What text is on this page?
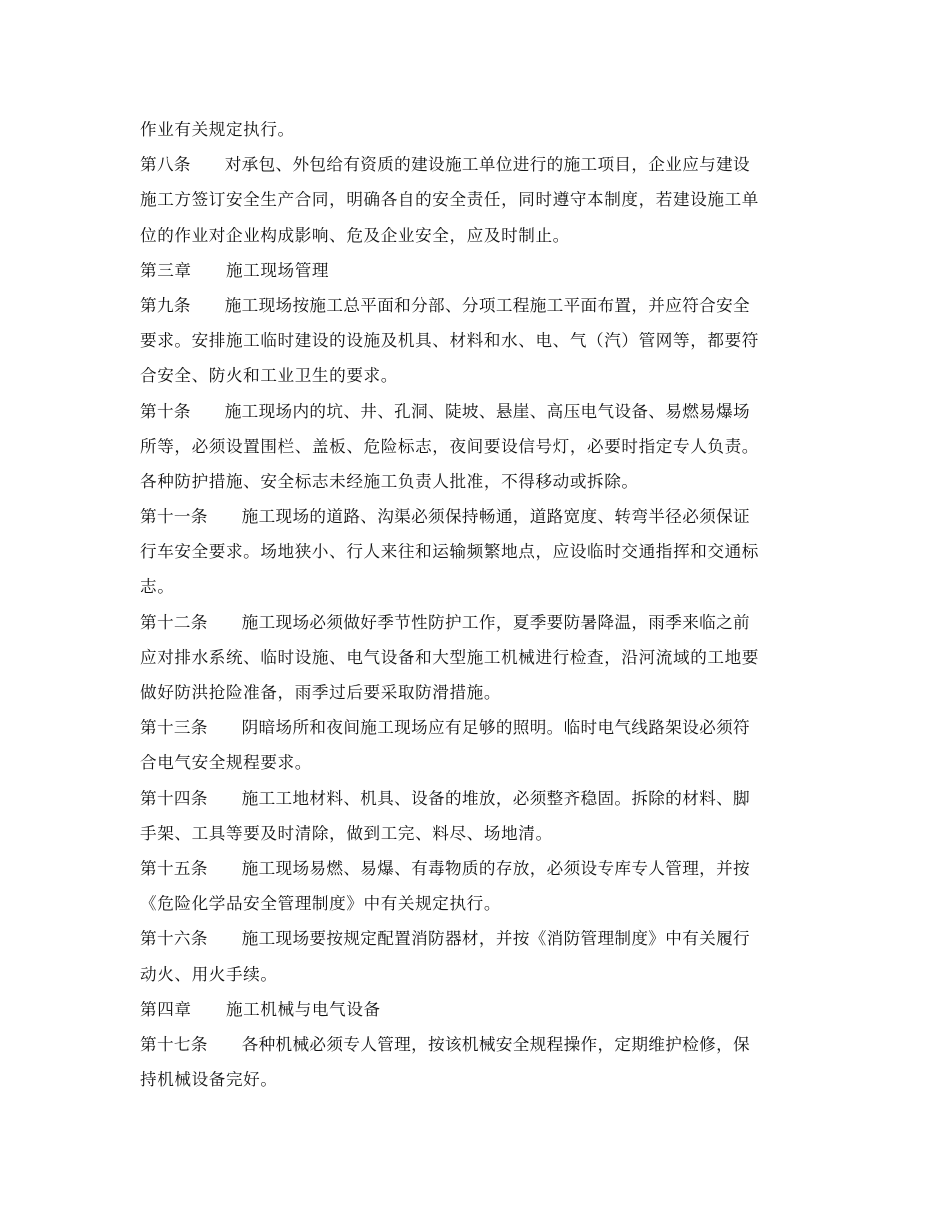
作业有关规定执行。
第八条　　对承包、外包给有资质的建设施工单位进行的施工项目，企业应与建设
施工方签订安全生产合同，明确各自的安全责任，同时遵守本制度，若建设施工单
位的作业对企业构成影响、危及企业安全，应及时制止。
第三章　　施工现场管理
第九条　　施工现场按施工总平面和分部、分项工程施工平面布置，并应符合安全
要求。安排施工临时建设的设施及机具、材料和水、电、气（汽）管网等，都要符
合安全、防火和工业卫生的要求。
第十条　　施工现场内的坑、井、孔洞、陡坡、悬崖、高压电气设备、易燃易爆场
所等，必须设置围栏、盖板、危险标志，夜间要设信号灯，必要时指定专人负责。
各种防护措施、安全标志未经施工负责人批准，不得移动或拆除。
第十一条　　施工现场的道路、沟渠必须保持畅通，道路宽度、转弯半径必须保证
行车安全要求。场地狭小、行人来往和运输频繁地点，应设临时交通指挥和交通标
志。
第十二条　　施工现场必须做好季节性防护工作，夏季要防暑降温，雨季来临之前
应对排水系统、临时设施、电气设备和大型施工机械进行检查，沿河流域的工地要
做好防洪抢险准备，雨季过后要采取防滑措施。
第十三条　　阴暗场所和夜间施工现场应有足够的照明。临时电气线路架设必须符
合电气安全规程要求。
第十四条　　施工工地材料、机具、设备的堆放，必须整齐稳固。拆除的材料、脚
手架、工具等要及时清除，做到工完、料尽、场地清。
第十五条　　施工现场易燃、易爆、有毒物质的存放，必须设专库专人管理，并按
《危险化学品安全管理制度》中有关规定执行。
第十六条　　施工现场要按规定配置消防器材，并按《消防管理制度》中有关履行
动火、用火手续。
第四章　　施工机械与电气设备
第十七条　　各种机械必须专人管理，按该机械安全规程操作，定期维护检修，保
持机械设备完好。
